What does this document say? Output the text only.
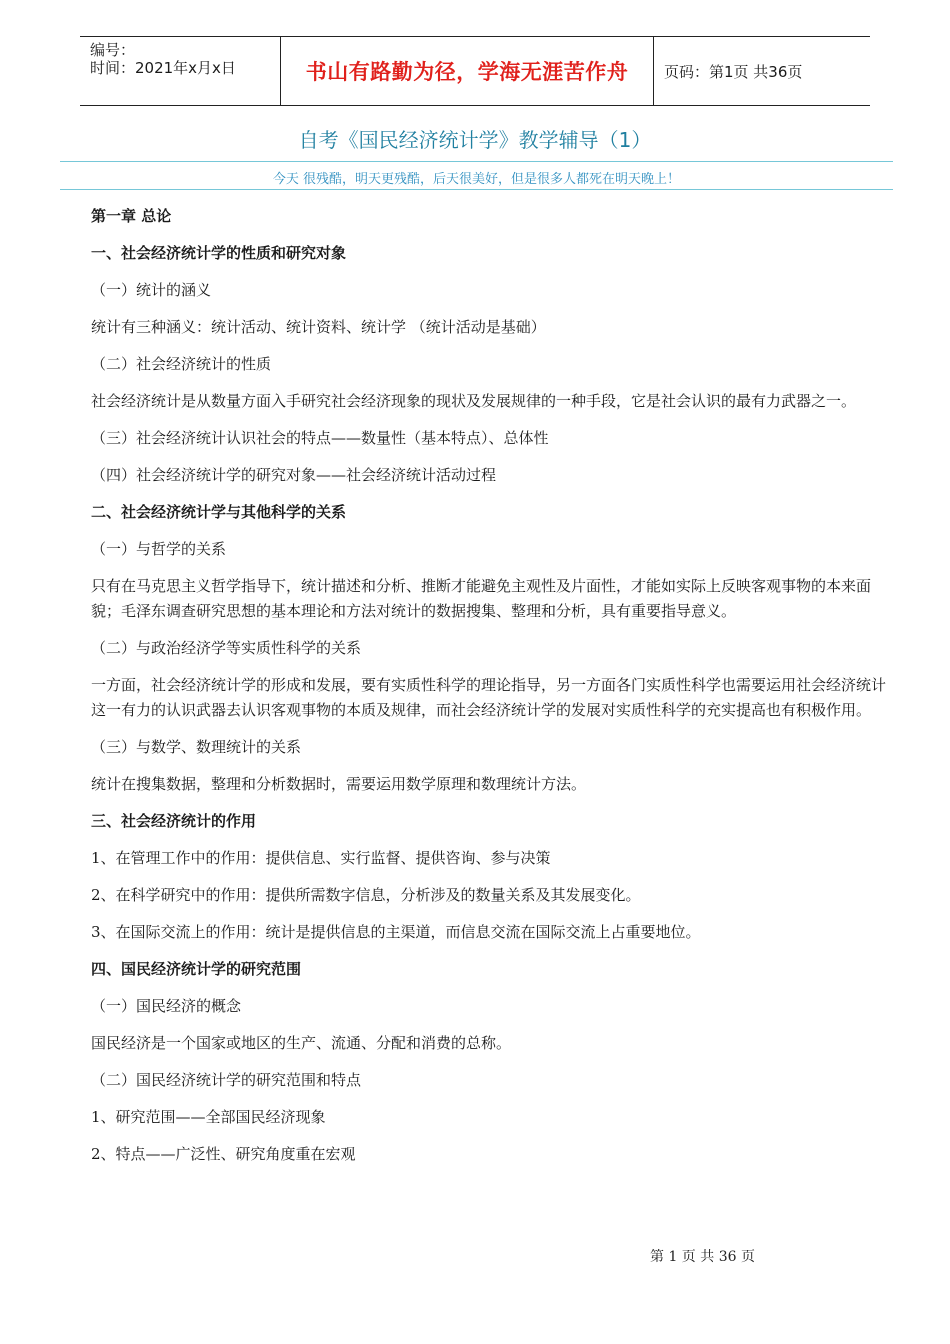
编号：
时间：2021年x月x日	书山有路勤为径，学海无涯苦作舟 页码：第1页 共36页
自考《国民经济统计学》教学辅导（1）
今天 很残酷，明天更残酷，后天很美好，但是很多人都死在明天晚上！

第一章 总论

一、社会经济统计学的性质和研究对象

（一）统计的涵义

统计有三种涵义：统计活动、统计资料、统计学 （统计活动是基础）

（二）社会经济统计的性质

社会经济统计是从数量方面入手研究社会经济现象的现状及发展规律的一种手段，它是社会认识的最有力武器之一。

（三）社会经济统计认识社会的特点——数量性（基本特点）、总体性

（四）社会经济统计学的研究对象——社会经济统计活动过程

二、社会经济统计学与其他科学的关系

（一）与哲学的关系

只有在马克思主义哲学指导下，统计描述和分析、推断才能避免主观性及片面性，才能如实际上反映客观事物的本来面貌；毛泽东调查研究思想的基本理论和方法对统计的数据搜集、整理和分析，具有重要指导意义。

（二）与政治经济学等实质性科学的关系

一方面，社会经济统计学的形成和发展，要有实质性科学的理论指导，另一方面各门实质性科学也需要运用社会经济统计这一有力的认识武器去认识客观事物的本质及规律，而社会经济统计学的发展对实质性科学的充实提高也有积极作用。

（三）与数学、数理统计的关系

统计在搜集数据，整理和分析数据时，需要运用数学原理和数理统计方法。

三、社会经济统计的作用

1、在管理工作中的作用：提供信息、实行监督、提供咨询、参与决策

2、在科学研究中的作用：提供所需数字信息，分析涉及的数量关系及其发展变化。

3、在国际交流上的作用：统计是提供信息的主渠道，而信息交流在国际交流上占重要地位。

四、国民经济统计学的研究范围

（一）国民经济的概念

国民经济是一个国家或地区的生产、流通、分配和消费的总称。

（二）国民经济统计学的研究范围和特点

1、研究范围——全部国民经济现象

2、特点——广泛性、研究角度重在宏观

第 1 页 共 36 页
